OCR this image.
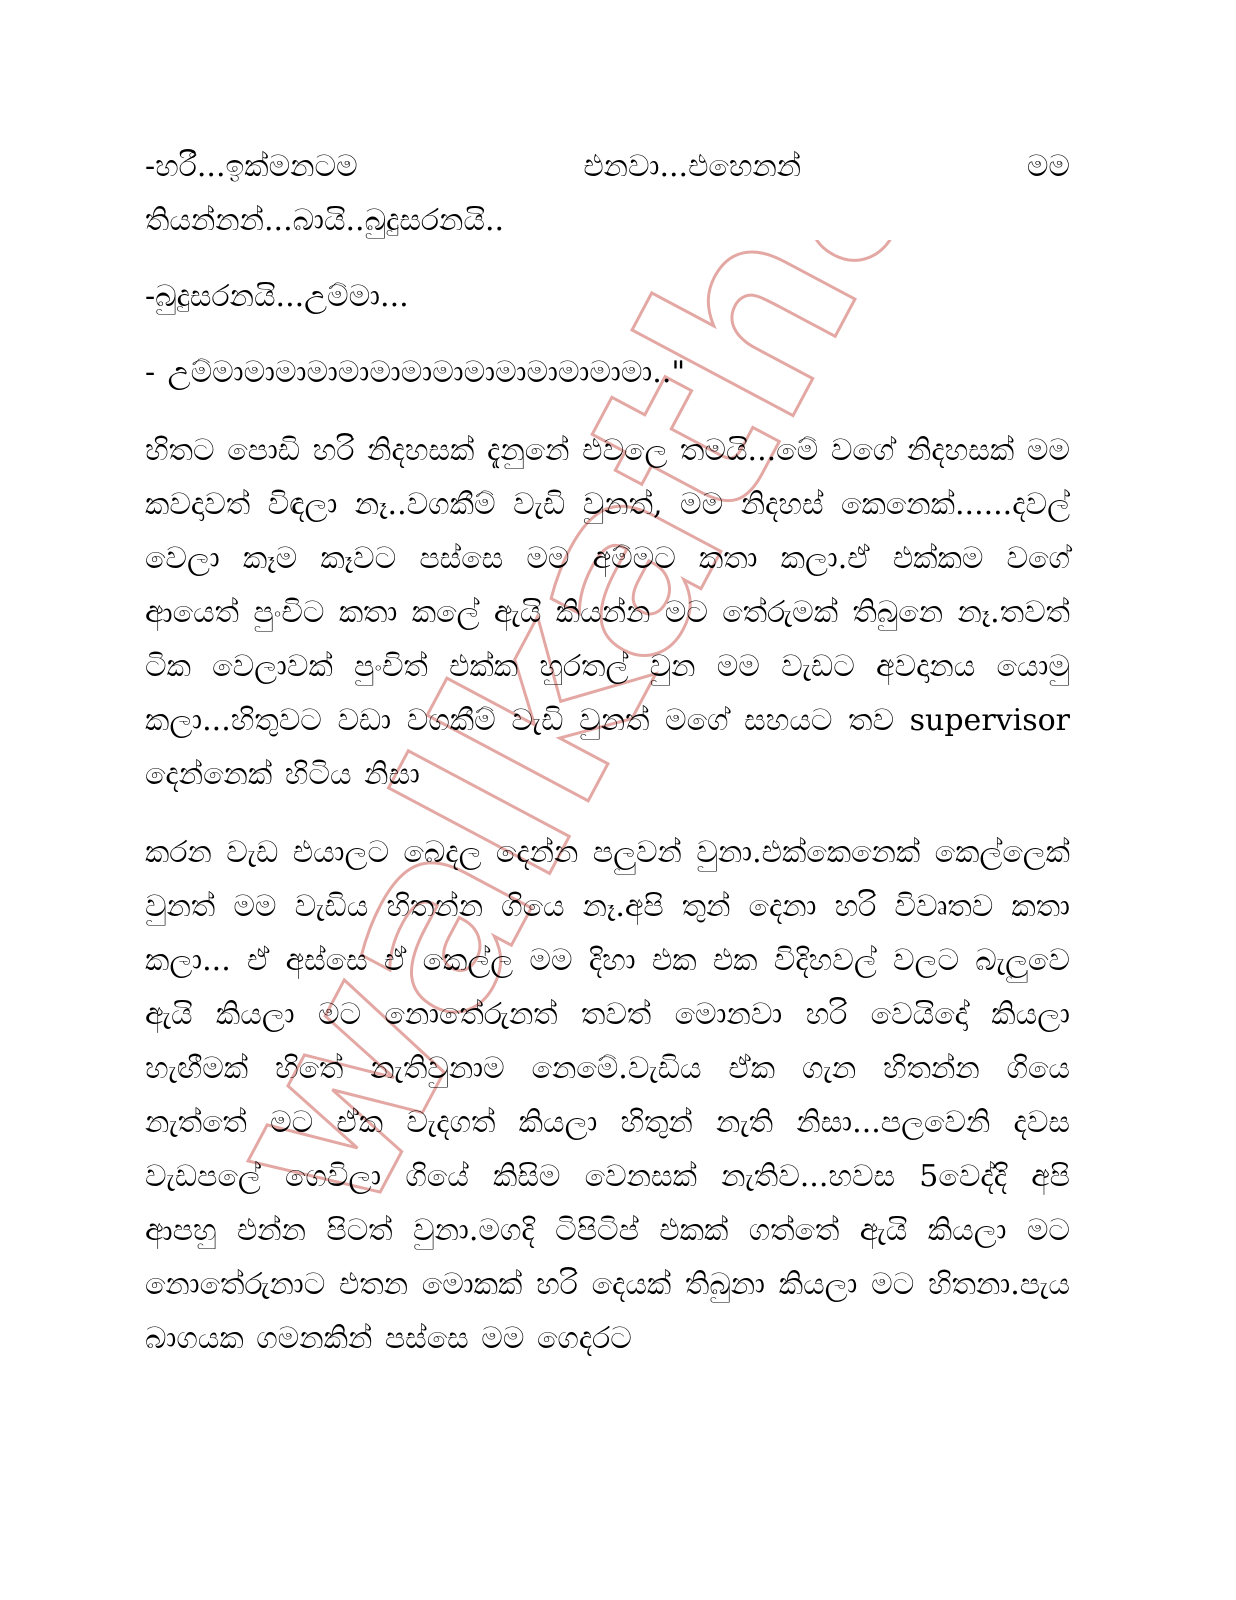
walkatha
-හරී...ඉක්මනටම	එනවා...එහෙනන්	මම

තියන්නන්...බායි..බුදුසරනයි..

-බුදුසරනයි...උම්මා...

- උම්මාමාමාමාමාමාමාමාමාමාමාමාමාමා.."

හිතට පොඩි හරි නිදහසක් දැනුනේ එවලෙ තමයි...මේ වගේ නිදහසක් මම කවදාවත් විඳලා නෑ..වගකීම් වැඩි වුනත්, මම නිදහස් කෙනෙක්......දවල් වෙලා කෑම කෑවට පස්සෙ මම අම්මට කතා කලා.ඒ එක්කම වගේ ආයෙත් පුංචිට කතා කලේ ඇයි කියන්න මට තේරුමක් තිබුනෙ නෑ.තවත් ටික වෙලාවක් පුංචිත් එක්ක හුරතල් වුන මම වැඩට අවදානය යොමු කලා...හිතුවට වඩා වගකීම් වැඩි වුනත් මගේ සහයට තව supervisor දෙන්නෙක් හිටිය නිසා

කරන වැඩ එයාලට බෙදල දෙන්න පලුවන් වුනා.එක්කෙනෙක් කෙල්ලෙක් වුනත් මම වැඩිය හිතන්න ගියෙ නෑ.අපි තුන් දෙනා හරි විවෘතව කතා කලා... ඒ අස්සෙ ඒ කෙල්ල මම දිහා එක එක විදිහවල් වලට බැලුවෙ ඇයි කියලා මට නොතේරුනත් තවත් මොනවා හරි වෙයිදෝ කියලා හැඟීමක් හිතේ නැතිවුනාම නෙමේ.වැඩිය ඒක ගැන හිතන්න ගියෙ නැත්තේ මට ඒක වැදගත් කියලා හිතුන් නැති නිසා...පලවෙනි දවස වැඩපලේ ගෙවිලා ගියේ කිසිම වෙනසක් නැතිව...හවස 5වෙද්දි අපි ආපහු එන්න පිටත් වුනා.මගදි ටිපිටිප් එකක් ගත්තේ ඇයි කියලා මට නොතේරුනාට එතන මොකක් හරි දෙයක් තිබුනා කියලා මට හිතනා.පැය බාගයක ගමනකින් පස්සෙ මම ගෙදරට
